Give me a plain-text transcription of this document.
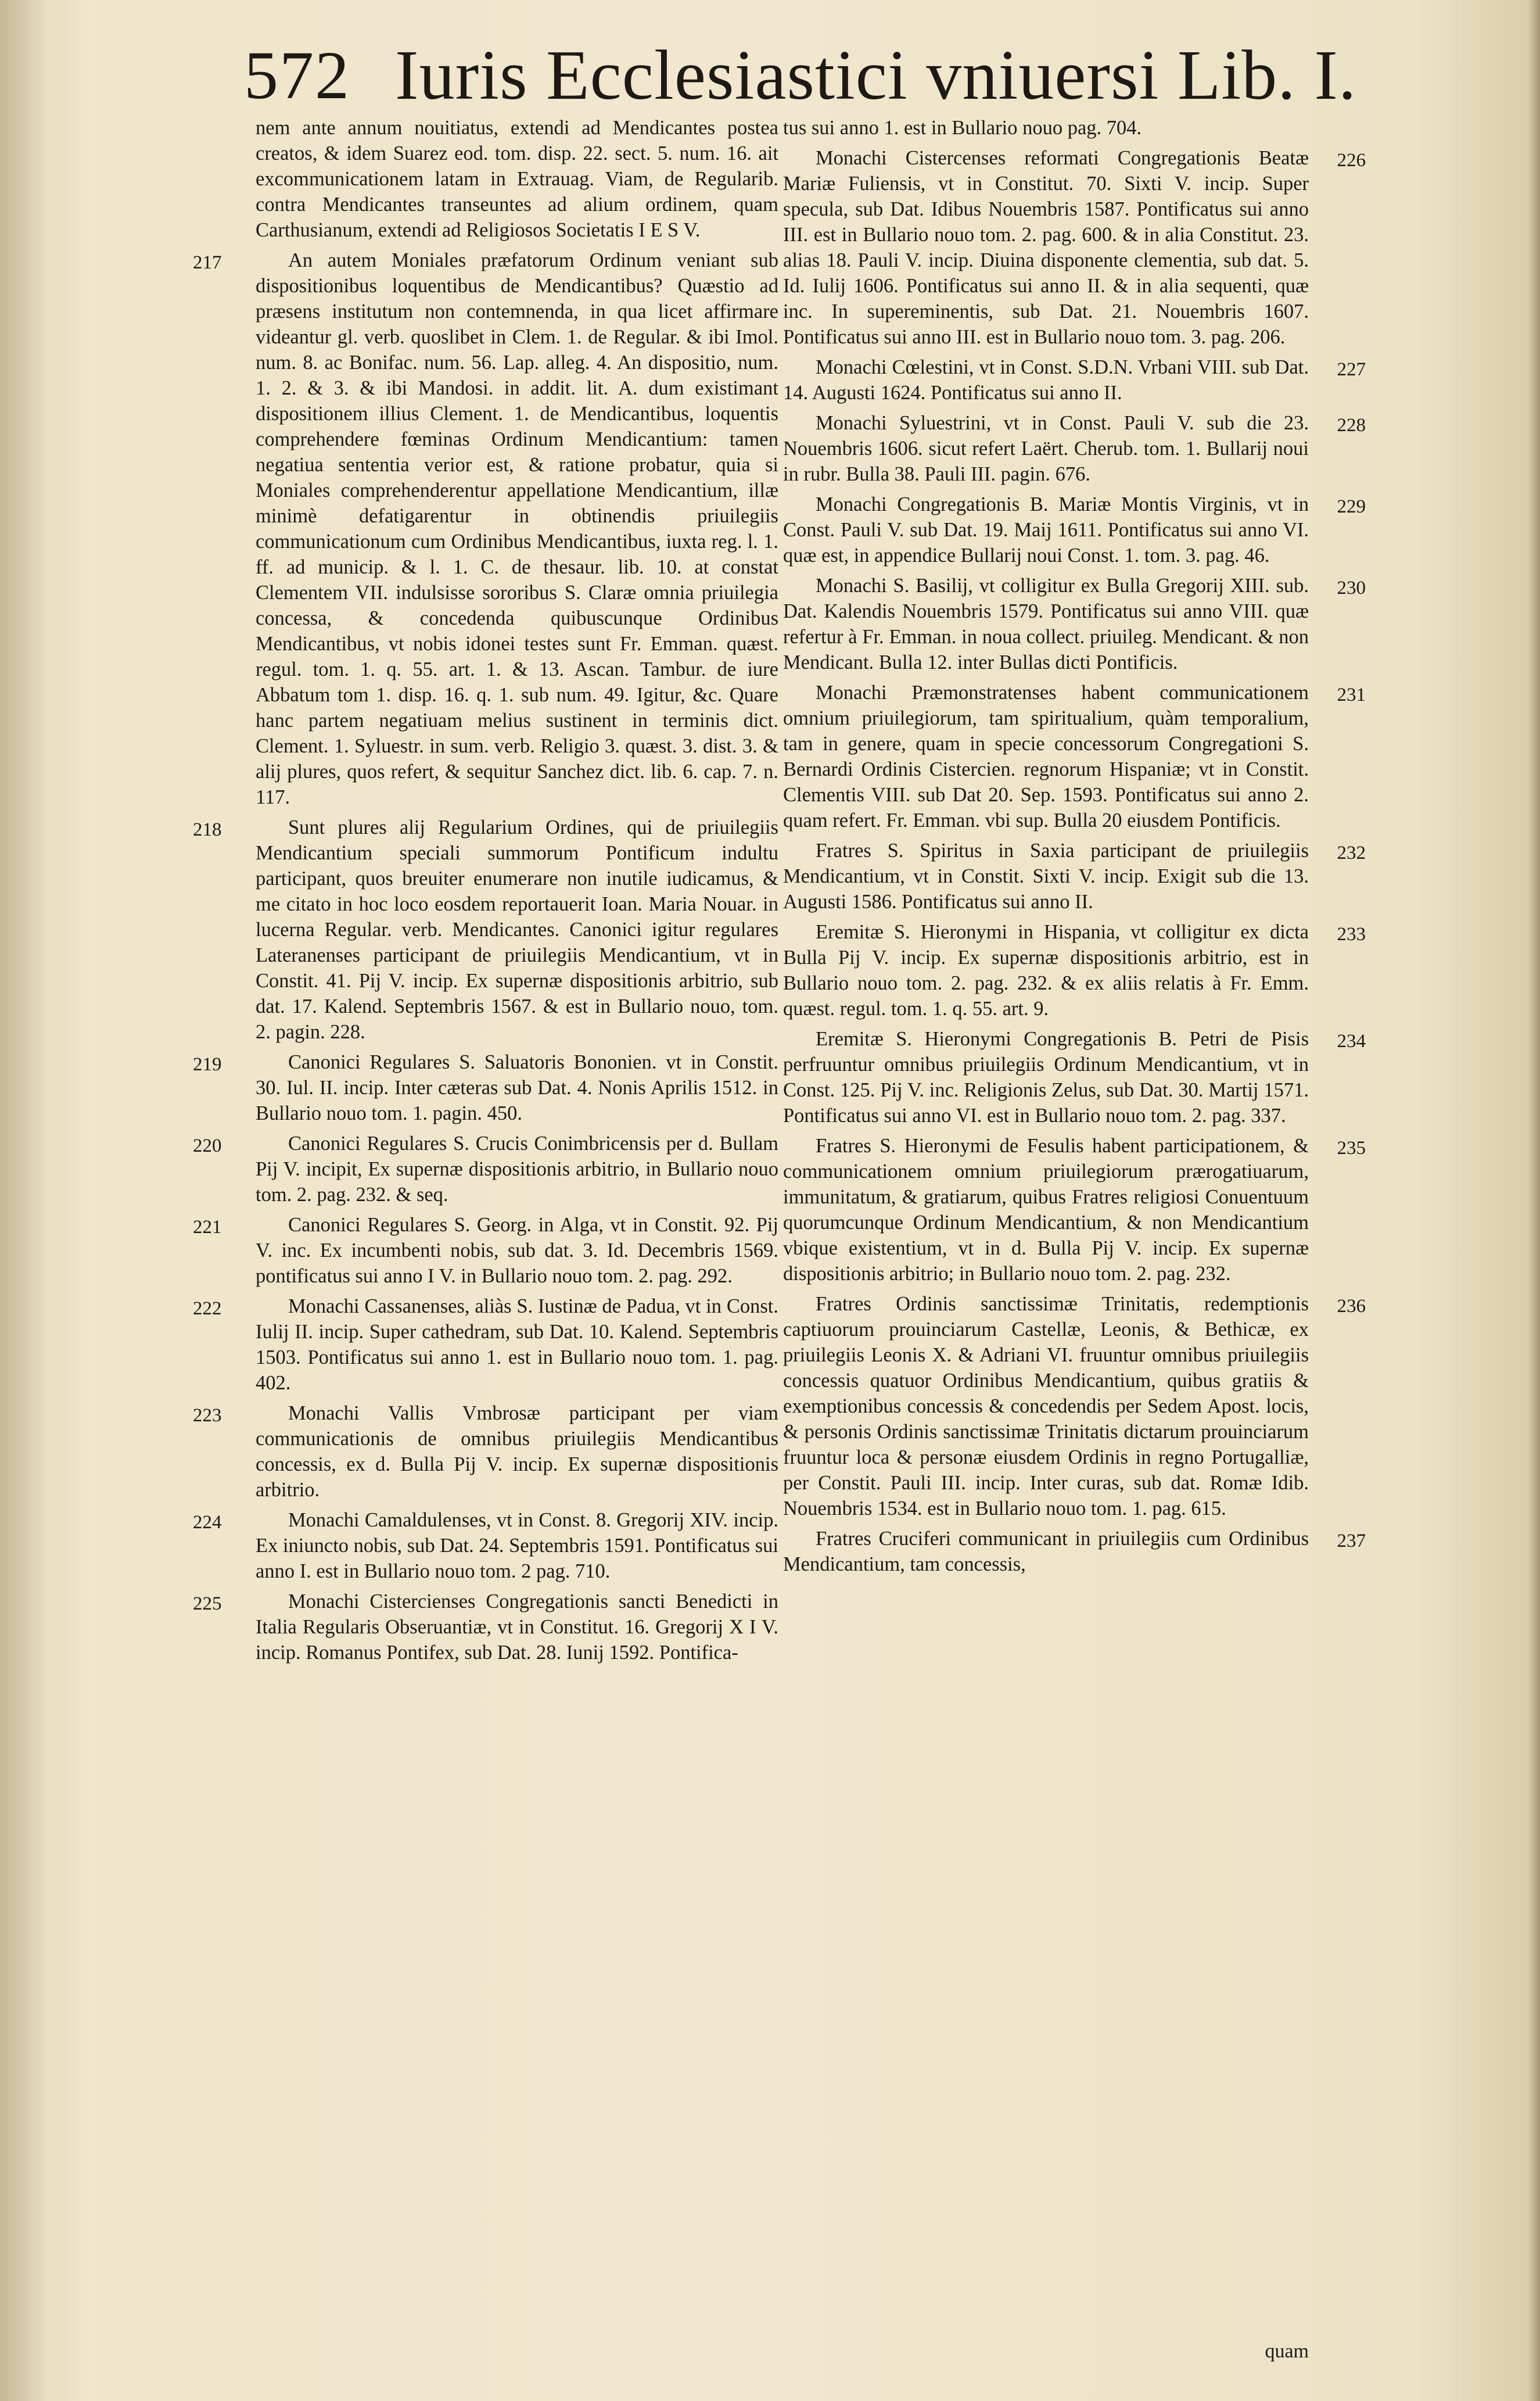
572 Iuris Ecclesiastici vniuersi Lib. I.

nem ante annum nouitiatus, extendi ad Mendicantes postea creatos, & idem Suarez eod. tom. disp. 22. sect. 5. num. 16. ait excommunicationem latam in Extrauag. Viam, de Regularib. contra Mendicantes transeuntes ad alium ordinem, quam Carthusianum, extendi ad Religiosos Societatis I E S V.

217	An autem Moniales præfatorum Ordinum veniant sub dispositionibus loquentibus de Mendicantibus? Quæstio ad præsens institutum non contemnenda, in qua licet affirmare videantur gl. verb. quoslibet in Clem. 1. de Regular. & ibi Imol. num. 8. ac Bonifac. num. 56. Lap. alleg. 4. An dispositio, num. 1. 2. & 3. & ibi Mandosi. in addit. lit. A. dum existimant dispositionem illius Clement. 1. de Mendicantibus, loquentis comprehendere fœminas Ordinum Mendicantium: tamen negatiua sententia verior est, & ratione probatur, quia si Moniales comprehenderentur appellatione Mendicantium, illæ minimè defatigarentur in obtinendis priuilegiis communicationum cum Ordinibus Mendicantibus, iuxta reg. l. 1. ff. ad municip. & l. 1. C. de thesaur. lib. 10. at constat Clementem VII. indulsisse sororibus S. Claræ omnia priuilegia concessa, & concedenda quibuscunque Ordinibus Mendicantibus, vt nobis idonei testes sunt Fr. Emman. quæst. regul. tom. 1. q. 55. art. 1. & 13. Ascan. Tambur. de iure Abbatum tom 1. disp. 16. q. 1. sub num. 49. Igitur, &c. Quare hanc partem negatiuam melius sustinent in terminis dict. Clement. 1. Syluestr. in sum. verb. Religio 3. quæst. 3. dist. 3. & alij plures, quos refert, & sequitur Sanchez dict. lib. 6. cap. 7. n. 117.

218	Sunt plures alij Regularium Ordines, qui de priuilegiis Mendicantium speciali summorum Pontificum indultu participant, quos breuiter enumerare non inutile iudicamus, & me citato in hoc loco eosdem reportauerit Ioan. Maria Nouar. in lucerna Regular. verb. Mendicantes. Canonici igitur regulares Lateranenses participant de priuilegiis Mendicantium, vt in Constit. 41. Pij V. incip. Ex supernæ dispositionis arbitrio, sub dat. 17. Kalend. Septembris 1567. & est in Bullario nouo, tom. 2. pagin. 228.

219	Canonici Regulares S. Saluatoris Bononien. vt in Constit. 30. Iul. II. incip. Inter cæteras sub Dat. 4. Nonis Aprilis 1512. in Bullario nouo tom. 1. pagin. 450.

220	Canonici Regulares S. Crucis Conimbricensis per d. Bullam Pij V. incipit, Ex supernæ dispositionis arbitrio, in Bullario nouo tom. 2. pag. 232. & seq.

221	Canonici Regulares S. Georg. in Alga, vt in Constit. 92. Pij V. inc. Ex incumbenti nobis, sub dat. 3. Id. Decembris 1569. pontificatus sui anno I V. in Bullario nouo tom. 2. pag. 292.

222	Monachi Cassanenses, aliàs S. Iustinæ de Padua, vt in Const. Iulij II. incip. Super cathedram, sub Dat. 10. Kalend. Septembris 1503. Pontificatus sui anno 1. est in Bullario nouo tom. 1. pag. 402.

223	Monachi Vallis Vmbrosæ participant per viam communicationis de omnibus priuilegiis Mendicantibus concessis, ex d. Bulla Pij V. incip. Ex supernæ dispositionis arbitrio.

224	Monachi Camaldulenses, vt in Const. 8. Gregorij XIV. incip. Ex iniuncto nobis, sub Dat. 24. Septembris 1591. Pontificatus sui anno I. est in Bullario nouo tom. 2 pag. 710.

225	Monachi Cistercienses Congregationis sancti Benedicti in Italia Regularis Obseruantiæ, vt in Constitut. 16. Gregorij X I V. incip. Romanus Pontifex, sub Dat. 28. Iunij 1592. Pontifica-

tus sui anno 1. est in Bullario nouo pag. 704.

226

Monachi Cistercenses reformati Congregationis Beatæ Mariæ Fuliensis, vt in Constitut. 70. Sixti V. incip. Super specula, sub Dat. Idibus Nouembris 1587. Pontificatus sui anno III. est in Bullario nouo tom. 2. pag. 600. & in alia Constitut. 23. alias 18. Pauli V. incip. Diuina disponente clementia, sub dat. 5. Id. Iulij 1606. Pontificatus sui anno II. & in alia sequenti, quæ inc. In supereminentis, sub Dat. 21. Nouembris 1607. Pontificatus sui anno III. est in Bullario nouo tom. 3. pag. 206.

227

Monachi Cœlestini, vt in Const. S.D.N. Vrbani VIII. sub Dat. 14. Augusti 1624. Pontificatus sui anno II.

228

Monachi Syluestrini, vt in Const. Pauli V. sub die 23. Nouembris 1606. sicut refert Laërt. Cherub. tom. 1. Bullarij noui in rubr. Bulla 38. Pauli III. pagin. 676.

229

Monachi Congregationis B. Mariæ Montis Virginis, vt in Const. Pauli V. sub Dat. 19. Maij 1611. Pontificatus sui anno VI. quæ est, in appendice Bullarij noui Const. 1. tom. 3. pag. 46.

230

Monachi S. Basilij, vt colligitur ex Bulla Gregorij XIII. sub. Dat. Kalendis Nouembris 1579. Pontificatus sui anno VIII. quæ refertur à Fr. Emman. in noua collect. priuileg. Mendicant. & non Mendicant. Bulla 12. inter Bullas dicti Pontificis.

231

Monachi Præmonstratenses habent communicationem omnium priuilegiorum, tam spiritualium, quàm temporalium, tam in genere, quam in specie concessorum Congregationi S. Bernardi Ordinis Cistercien. regnorum Hispaniæ; vt in Constit. Clementis VIII. sub Dat 20. Sep. 1593. Pontificatus sui anno 2. quam refert. Fr. Emman. vbi sup. Bulla 20 eiusdem Pontificis.

232

Fratres S. Spiritus in Saxia participant de priuilegiis Mendicantium, vt in Constit. Sixti V. incip. Exigit sub die 13. Augusti 1586. Pontificatus sui anno II.

233

Eremitæ S. Hieronymi in Hispania, vt colligitur ex dicta Bulla Pij V. incip. Ex supernæ dispositionis arbitrio, est in Bullario nouo tom. 2. pag. 232. & ex aliis relatis à Fr. Emm. quæst. regul. tom. 1. q. 55. art. 9.

234

Eremitæ S. Hieronymi Congregationis B. Petri de Pisis perfruuntur omnibus priuilegiis Ordinum Mendicantium, vt in Const. 125. Pij V. inc. Religionis Zelus, sub Dat. 30. Martij 1571. Pontificatus sui anno VI. est in Bullario nouo tom. 2. pag. 337.

235

Fratres S. Hieronymi de Fesulis habent participationem, & communicationem omnium priuilegiorum prærogatiuarum, immunitatum, & gratiarum, quibus Fratres religiosi Conuentuum quorumcunque Ordinum Mendicantium, & non Mendicantium vbique existentium, vt in d. Bulla Pij V. incip. Ex supernæ dispositionis arbitrio; in Bullario nouo tom. 2. pag. 232.

236

Fratres Ordinis sanctissimæ Trinitatis, redemptionis captiuorum prouinciarum Castellæ, Leonis, & Bethicæ, ex priuilegiis Leonis X. & Adriani VI. fruuntur omnibus priuilegiis concessis quatuor Ordinibus Mendicantium, quibus gratiis & exemptionibus concessis & concedendis per Sedem Apost. locis, & personis Ordinis sanctissimæ Trinitatis dictarum prouinciarum fruuntur loca & personæ eiusdem Ordinis in regno Portugalliæ, per Constit. Pauli III. incip. Inter curas, sub dat. Romæ Idib. Nouembris 1534. est in Bullario nouo tom. 1. pag. 615.

237

Fratres Cruciferi communicant in priuilegiis cum Ordinibus Mendicantium, tam concessis,

quam
